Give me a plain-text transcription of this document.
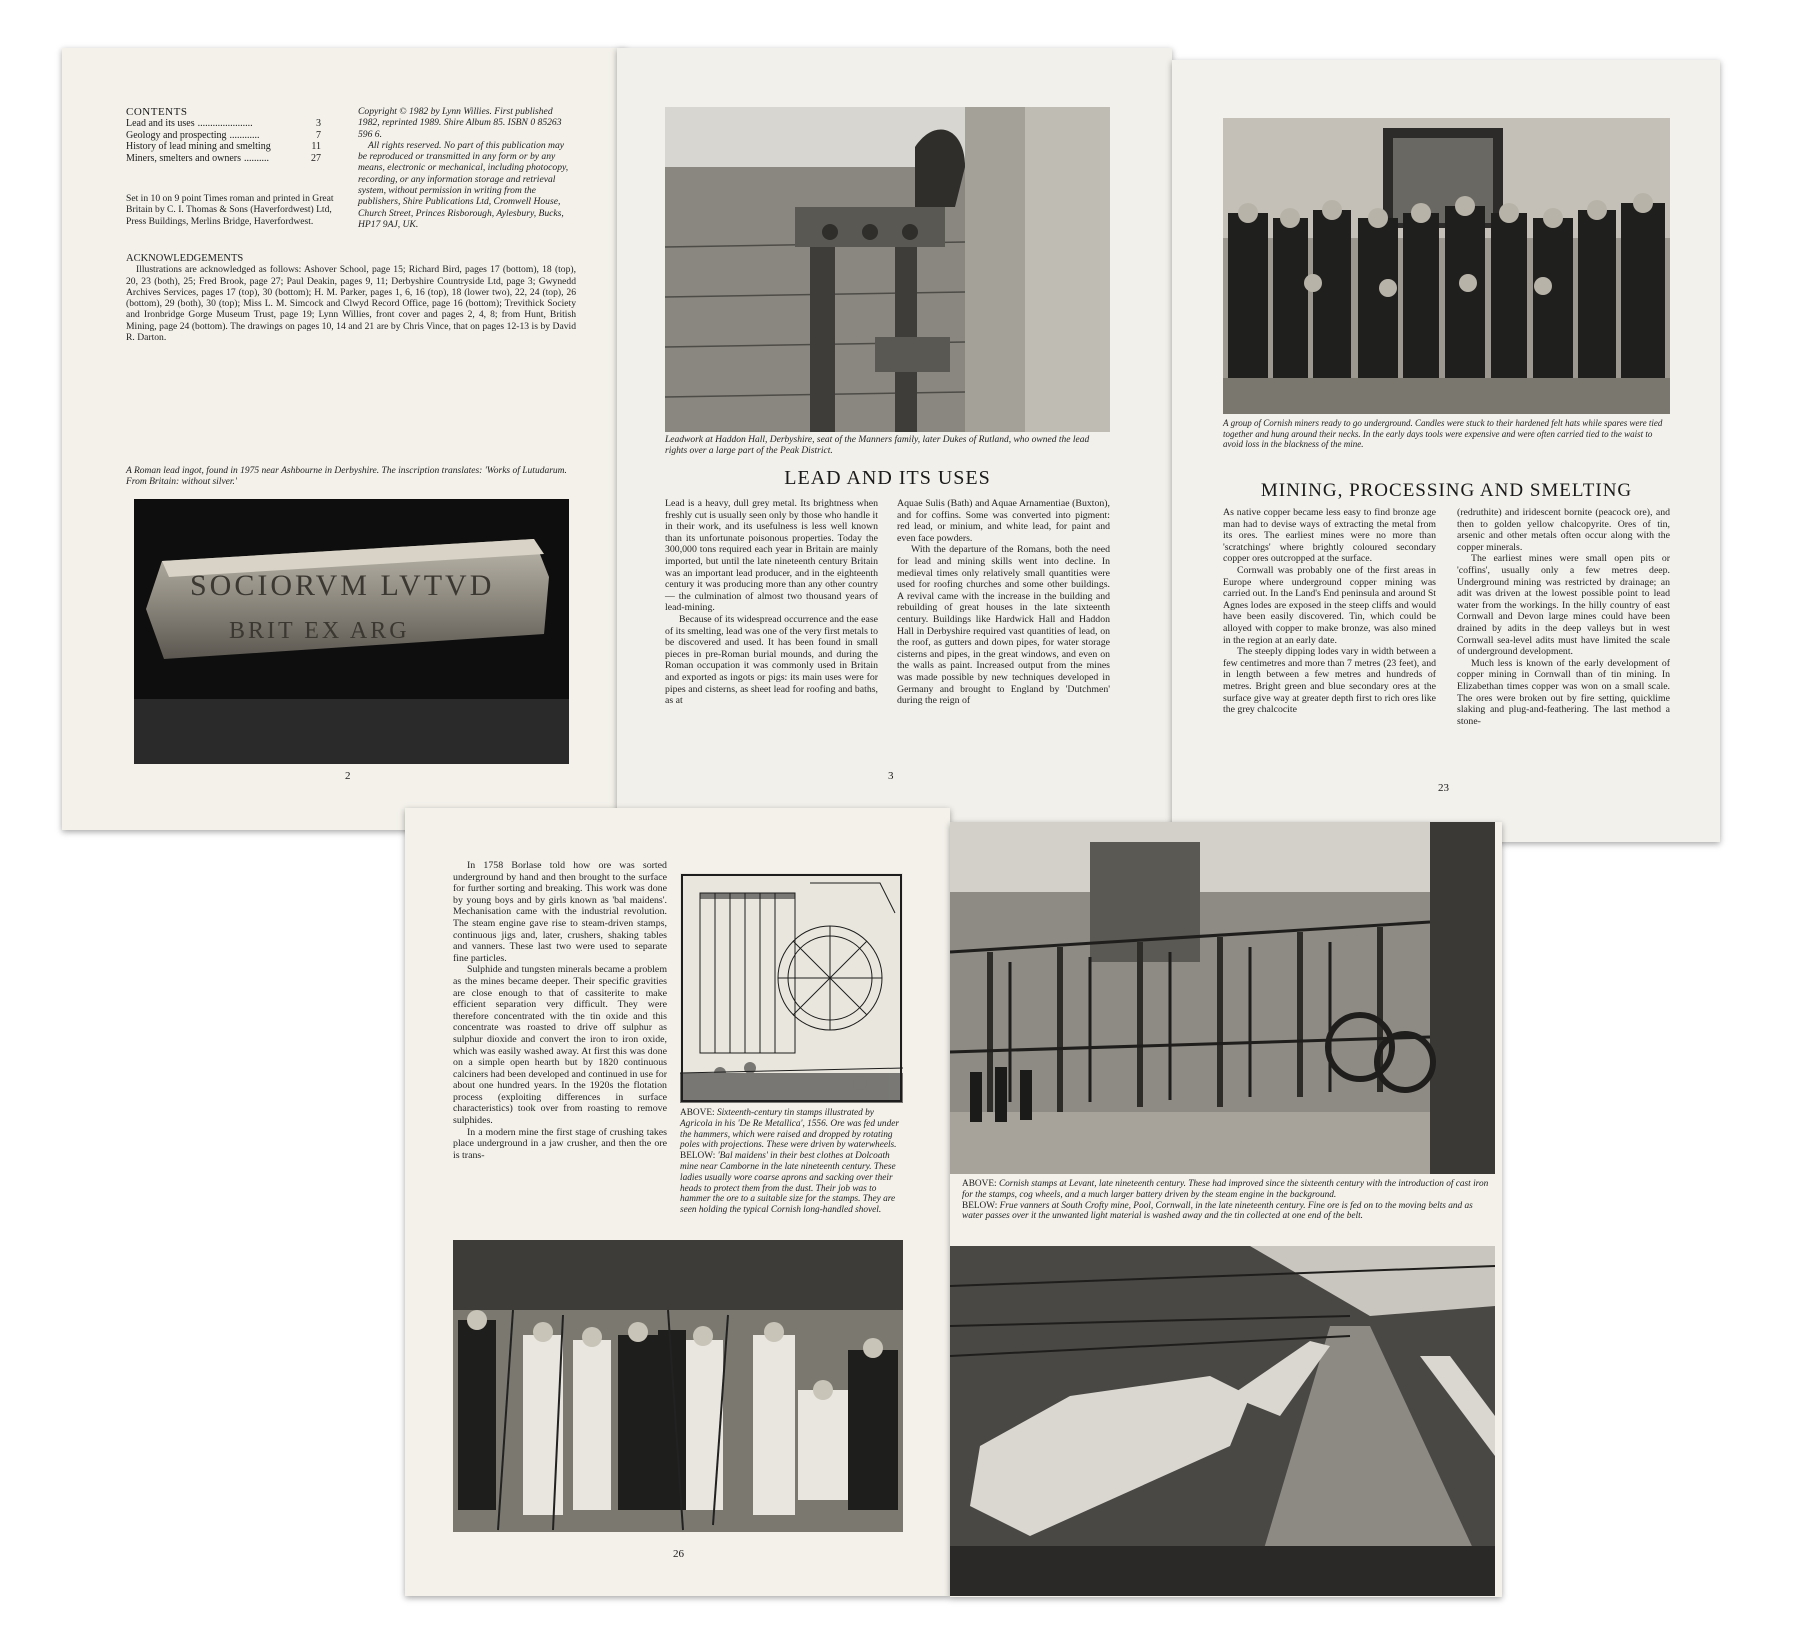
CONTENTS
Lead and its uses ......................	3
Geology and prospecting ............	7
History of lead mining and smelting	11
Miners, smelters and owners ..........	27
Copyright © 1982 by Lynn Willies. First published 1982, reprinted 1989. Shire Album 85. ISBN 0 85263 596 6.
All rights reserved. No part of this publication may be reproduced or transmitted in any form or by any means, electronic or mechanical, including photocopy, recording, or any information storage and retrieval system, without permission in writing from the publishers, Shire Publications Ltd, Cromwell House, Church Street, Princes Risborough, Aylesbury, Bucks, HP17 9AJ, UK.
Set in 10 on 9 point Times roman and printed in Great Britain by C. I. Thomas & Sons (Haverfordwest) Ltd, Press Buildings, Merlins Bridge, Haverfordwest.
ACKNOWLEDGEMENTS
Illustrations are acknowledged as follows: Ashover School, page 15; Richard Bird, pages 17 (bottom), 18 (top), 20, 23 (both), 25; Fred Brook, page 27; Paul Deakin, pages 9, 11; Derbyshire Countryside Ltd, page 3; Gwynedd Archives Services, pages 17 (top), 30 (bottom); H. M. Parker, pages 1, 6, 16 (top), 18 (lower two), 22, 24 (top), 26 (bottom), 29 (both), 30 (top); Miss L. M. Simcock and Clwyd Record Office, page 16 (bottom); Trevithick Society and Ironbridge Gorge Museum Trust, page 19; Lynn Willies, front cover and pages 2, 4, 8; from Hunt, British Mining, page 24 (bottom). The drawings on pages 10, 14 and 21 are by Chris Vince, that on pages 12-13 is by David R. Darton.
A Roman lead ingot, found in 1975 near Ashbourne in Derbyshire. The inscription translates: 'Works of Lutudarum. From Britain: without silver.'
SOCIORVM LVTVD
BRIT EX ARG
2
Leadwork at Haddon Hall, Derbyshire, seat of the Manners family, later Dukes of Rutland, who owned the lead rights over a large part of the Peak District.
LEAD AND ITS USES

Lead is a heavy, dull grey metal. Its brightness when freshly cut is usually seen only by those who handle it in their work, and its usefulness is less well known than its unfortunate poisonous properties. Today the 300,000 tons required each year in Britain are mainly imported, but until the late nineteenth century Britain was an important lead producer, and in the eighteenth century it was producing more than any other country — the culmination of almost two thousand years of lead-mining.

Because of its widespread occurrence and the ease of its smelting, lead was one of the very first metals to be discovered and used. It has been found in small pieces in pre-Roman burial mounds, and during the Roman occupation it was commonly used in Britain and exported as ingots or pigs: its main uses were for pipes and cisterns, as sheet lead for roofing and baths, as at

Aquae Sulis (Bath) and Aquae Arnamentiae (Buxton), and for coffins. Some was converted into pigment: red lead, or minium, and white lead, for paint and even face powders.

With the departure of the Romans, both the need for lead and mining skills went into decline. In medieval times only relatively small quantities were used for roofing churches and some other buildings. A revival came with the increase in the building and rebuilding of great houses in the late sixteenth century. Buildings like Hardwick Hall and Haddon Hall in Derbyshire required vast quantities of lead, on the roof, as gutters and down pipes, for water storage cisterns and pipes, in the great windows, and even on the walls as paint. Increased output from the mines was made possible by new techniques developed in Germany and brought to England by 'Dutchmen' during the reign of

3
A group of Cornish miners ready to go underground. Candles were stuck to their hardened felt hats while spares were tied together and hung around their necks. In the early days tools were expensive and were often carried tied to the waist to avoid loss in the blackness of the mine.
MINING, PROCESSING AND SMELTING

As native copper became less easy to find bronze age man had to devise ways of extracting the metal from its ores. The earliest mines were no more than 'scratchings' where brightly coloured secondary copper ores outcropped at the surface.

Cornwall was probably one of the first areas in Europe where underground copper mining was carried out. In the Land's End peninsula and around St Agnes lodes are exposed in the steep cliffs and would have been easily discovered. Tin, which could be alloyed with copper to make bronze, was also mined in the region at an early date.

The steeply dipping lodes vary in width between a few centimetres and more than 7 metres (23 feet), and in length between a few metres and hundreds of metres. Bright green and blue secondary ores at the surface give way at greater depth first to rich ores like the grey chalcocite

(redruthite) and iridescent bornite (peacock ore), and then to golden yellow chalcopyrite. Ores of tin, arsenic and other metals often occur along with the copper minerals.

The earliest mines were small open pits or 'coffins', usually only a few metres deep. Underground mining was restricted by drainage; an adit was driven at the lowest possible point to lead water from the workings. In the hilly country of east Cornwall and Devon large mines could have been drained by adits in the deep valleys but in west Cornwall sea-level adits must have limited the scale of underground development.

Much less is known of the early development of copper mining in Cornwall than of tin mining. In Elizabethan times copper was won on a small scale. The ores were broken out by fire setting, quicklime slaking and plug-and-feathering. The last method a stone-

23

In 1758 Borlase told how ore was sorted underground by hand and then brought to the surface for further sorting and breaking. This work was done by young boys and by girls known as 'bal maidens'. Mechanisation came with the industrial revolution. The steam engine gave rise to steam-driven stamps, continuous jigs and, later, crushers, shaking tables and vanners. These last two were used to separate fine particles.

Sulphide and tungsten minerals became a problem as the mines became deeper. Their specific gravities are close enough to that of cassiterite to make efficient separation very difficult. They were therefore concentrated with the tin oxide and this concentrate was roasted to drive off sulphur as sulphur dioxide and convert the iron to iron oxide, which was easily washed away. At first this was done on a simple open hearth but by 1820 continuous calciners had been developed and continued in use for about one hundred years. In the 1920s the flotation process (exploiting differences in surface characteristics) took over from roasting to remove sulphides.

In a modern mine the first stage of crushing takes place underground in a jaw crusher, and then the ore is trans-

ABOVE: Sixteenth-century tin stamps illustrated by Agricola in his 'De Re Metallica', 1556. Ore was fed under the hammers, which were raised and dropped by rotating poles with projections. These were driven by waterwheels.
BELOW: 'Bal maidens' in their best clothes at Dolcoath mine near Camborne in the late nineteenth century. These ladies usually wore coarse aprons and sacking over their heads to protect them from the dust. Their job was to hammer the ore to a suitable size for the stamps. They are seen holding the typical Cornish long-handled shovel.
26
ABOVE: Cornish stamps at Levant, late nineteenth century. These had improved since the sixteenth century with the introduction of cast iron for the stamps, cog wheels, and a much larger battery driven by the steam engine in the background.
BELOW: Frue vanners at South Crofty mine, Pool, Cornwall, in the late nineteenth century. Fine ore is fed on to the moving belts and as water passes over it the unwanted light material is washed away and the tin collected at one end of the belt.
